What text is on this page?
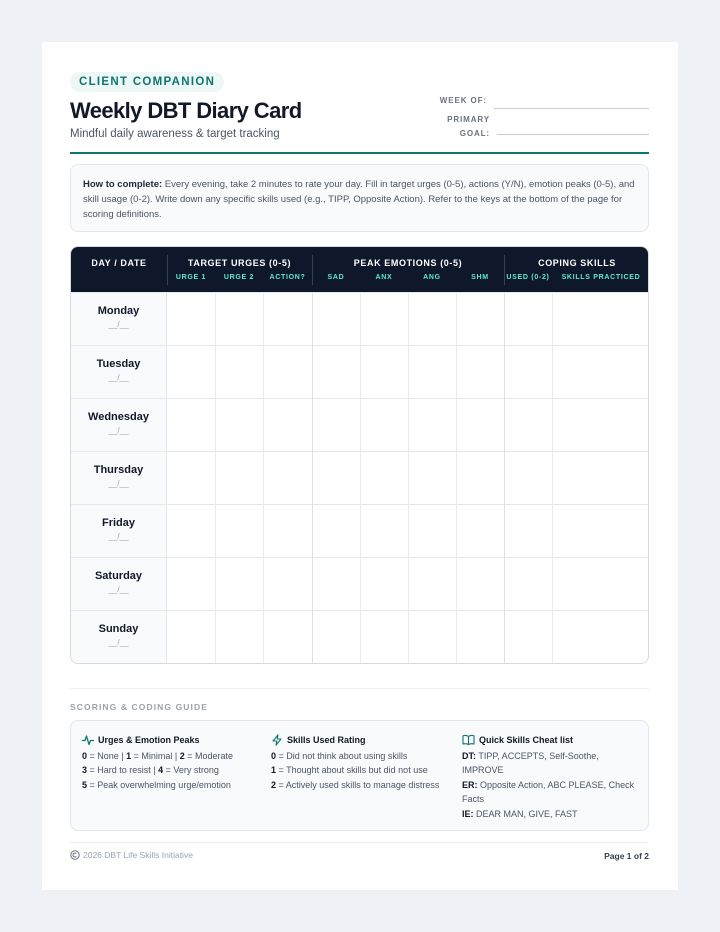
CLIENT COMPANION
Weekly DBT Diary Card
Mindful daily awareness & target tracking
WEEK OF:
PRIMARY
GOAL:
How to complete: Every evening, take 2 minutes to rate your day. Fill in target urges (0-5), actions (Y/N), emotion peaks (0-5), and skill usage (0-2). Write down any specific skills used (e.g., TIPP, Opposite Action). Refer to the keys at the bottom of the page for scoring definitions.
DAY / DATE	TARGET URGES (0-5)	PEAK EMOTIONS (0-5)	COPING SKILLS
URGE 1	URGE 2	ACTION?	SAD	ANX	ANG	SHM	USED (0-2)	SKILLS PRACTICED
Monday
__/__
Tuesday
__/__
Wednesday
__/__
Thursday
__/__
Friday
__/__
Saturday
__/__
Sunday
__/__
SCORING & CODING GUIDE
Urges & Emotion Peaks
0 = None | 1 = Minimal | 2 = Moderate
3 = Hard to resist | 4 = Very strong
5 = Peak overwhelming urge/emotion
Skills Used Rating
0 = Did not think about using skills
1 = Thought about skills but did not use
2 = Actively used skills to manage distress
Quick Skills Cheat list
DT: TIPP, ACCEPTS, Self-Soothe, IMPROVE
ER: Opposite Action, ABC PLEASE, Check Facts
IE: DEAR MAN, GIVE, FAST
2026 DBT Life Skills Initiative	Page 1 of 2
